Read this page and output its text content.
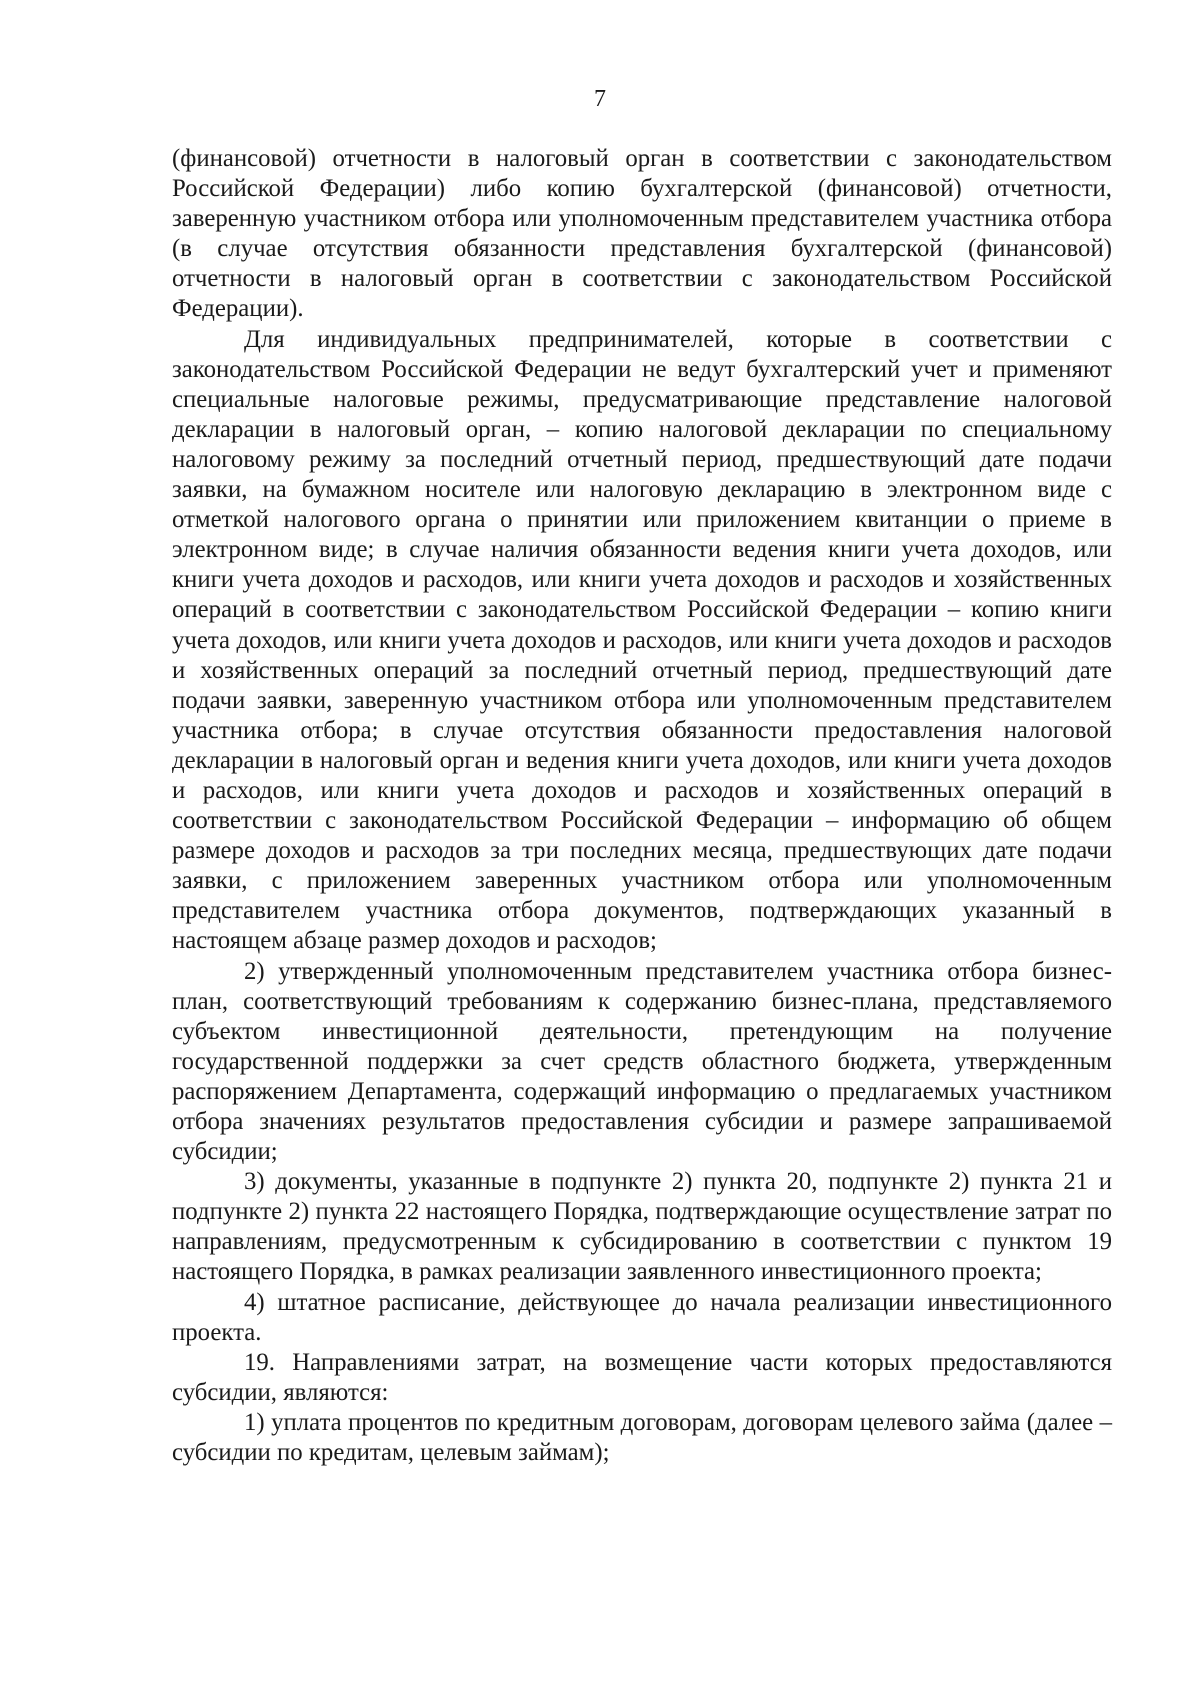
7

(финансовой) отчетности в налоговый орган в соответствии с законодательством Российской Федерации) либо копию бухгалтерской (финансовой) отчетности, заверенную участником отбора или уполномоченным представителем участника отбора (в случае отсутствия обязанности представления бухгалтерской (финансовой) отчетности в налоговый орган в соответствии с законодательством Российской Федерации).

Для индивидуальных предпринимателей, которые в соответствии с законодательством Российской Федерации не ведут бухгалтерский учет и применяют специальные налоговые режимы, предусматривающие представление налоговой декларации в налоговый орган, – копию налоговой декларации по специальному налоговому режиму за последний отчетный период, предшествующий дате подачи заявки, на бумажном носителе или налоговую декларацию в электронном виде с отметкой налогового органа о принятии или приложением квитанции о приеме в электронном виде; в случае наличия обязанности ведения книги учета доходов, или книги учета доходов и расходов, или книги учета доходов и расходов и хозяйственных операций в соответствии с законодательством Российской Федерации – копию книги учета доходов, или книги учета доходов и расходов, или книги учета доходов и расходов и хозяйственных операций за последний отчетный период, предшествующий дате подачи заявки, заверенную участником отбора или уполномоченным представителем участника отбора; в случае отсутствия обязанности предоставления налоговой декларации в налоговый орган и ведения книги учета доходов, или книги учета доходов и расходов, или книги учета доходов и расходов и хозяйственных операций в соответствии с законодательством Российской Федерации – информацию об общем размере доходов и расходов за три последних месяца, предшествующих дате подачи заявки, с приложением заверенных участником отбора или уполномоченным представителем участника отбора документов, подтверждающих указанный в настоящем абзаце размер доходов и расходов;

2) утвержденный уполномоченным представителем участника отбора бизнес-план, соответствующий требованиям к содержанию бизнес-плана, представляемого субъектом инвестиционной деятельности, претендующим на получение государственной поддержки за счет средств областного бюджета, утвержденным распоряжением Департамента, содержащий информацию о предлагаемых участником отбора значениях результатов предоставления субсидии и размере запрашиваемой субсидии;

3) документы, указанные в подпункте 2) пункта 20, подпункте 2) пункта 21 и подпункте 2) пункта 22 настоящего Порядка, подтверждающие осуществление затрат по направлениям, предусмотренным к субсидированию в соответствии с пунктом 19 настоящего Порядка, в рамках реализации заявленного инвестиционного проекта;

4) штатное расписание, действующее до начала реализации инвестиционного проекта.

19. Направлениями затрат, на возмещение части которых предоставляются субсидии, являются:

1) уплата процентов по кредитным договорам, договорам целевого займа (далее – субсидии по кредитам, целевым займам);
